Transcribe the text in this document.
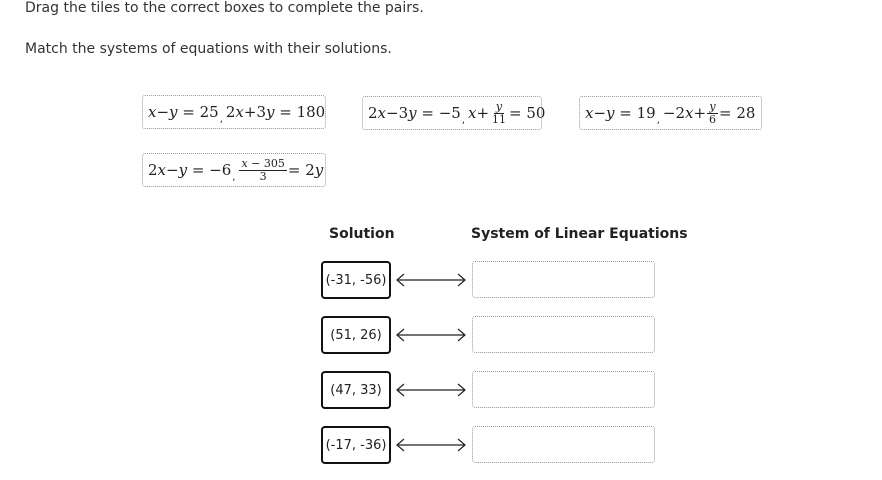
Drag the tiles to the correct boxes to complete the pairs.
Match the systems of equations with their solutions.
𝑥−𝑦 = 25 , 2𝑥+3𝑦 = 180	2𝑥−3𝑦 = −5 , 𝑥+ $\frac{\text{𝑦}}{11} = 50$	𝑥−𝑦 = 19 , −2𝑥+ $\frac{\text{𝑦}}{6} = 28$
2𝑥−𝑦 = −6 , $\frac{\text{𝑥 − 305}}{3}$ = 2𝑦
Solution	System of Linear Equations
(-31, -56)
(51, 26)
(47, 33)
(-17, -36)
